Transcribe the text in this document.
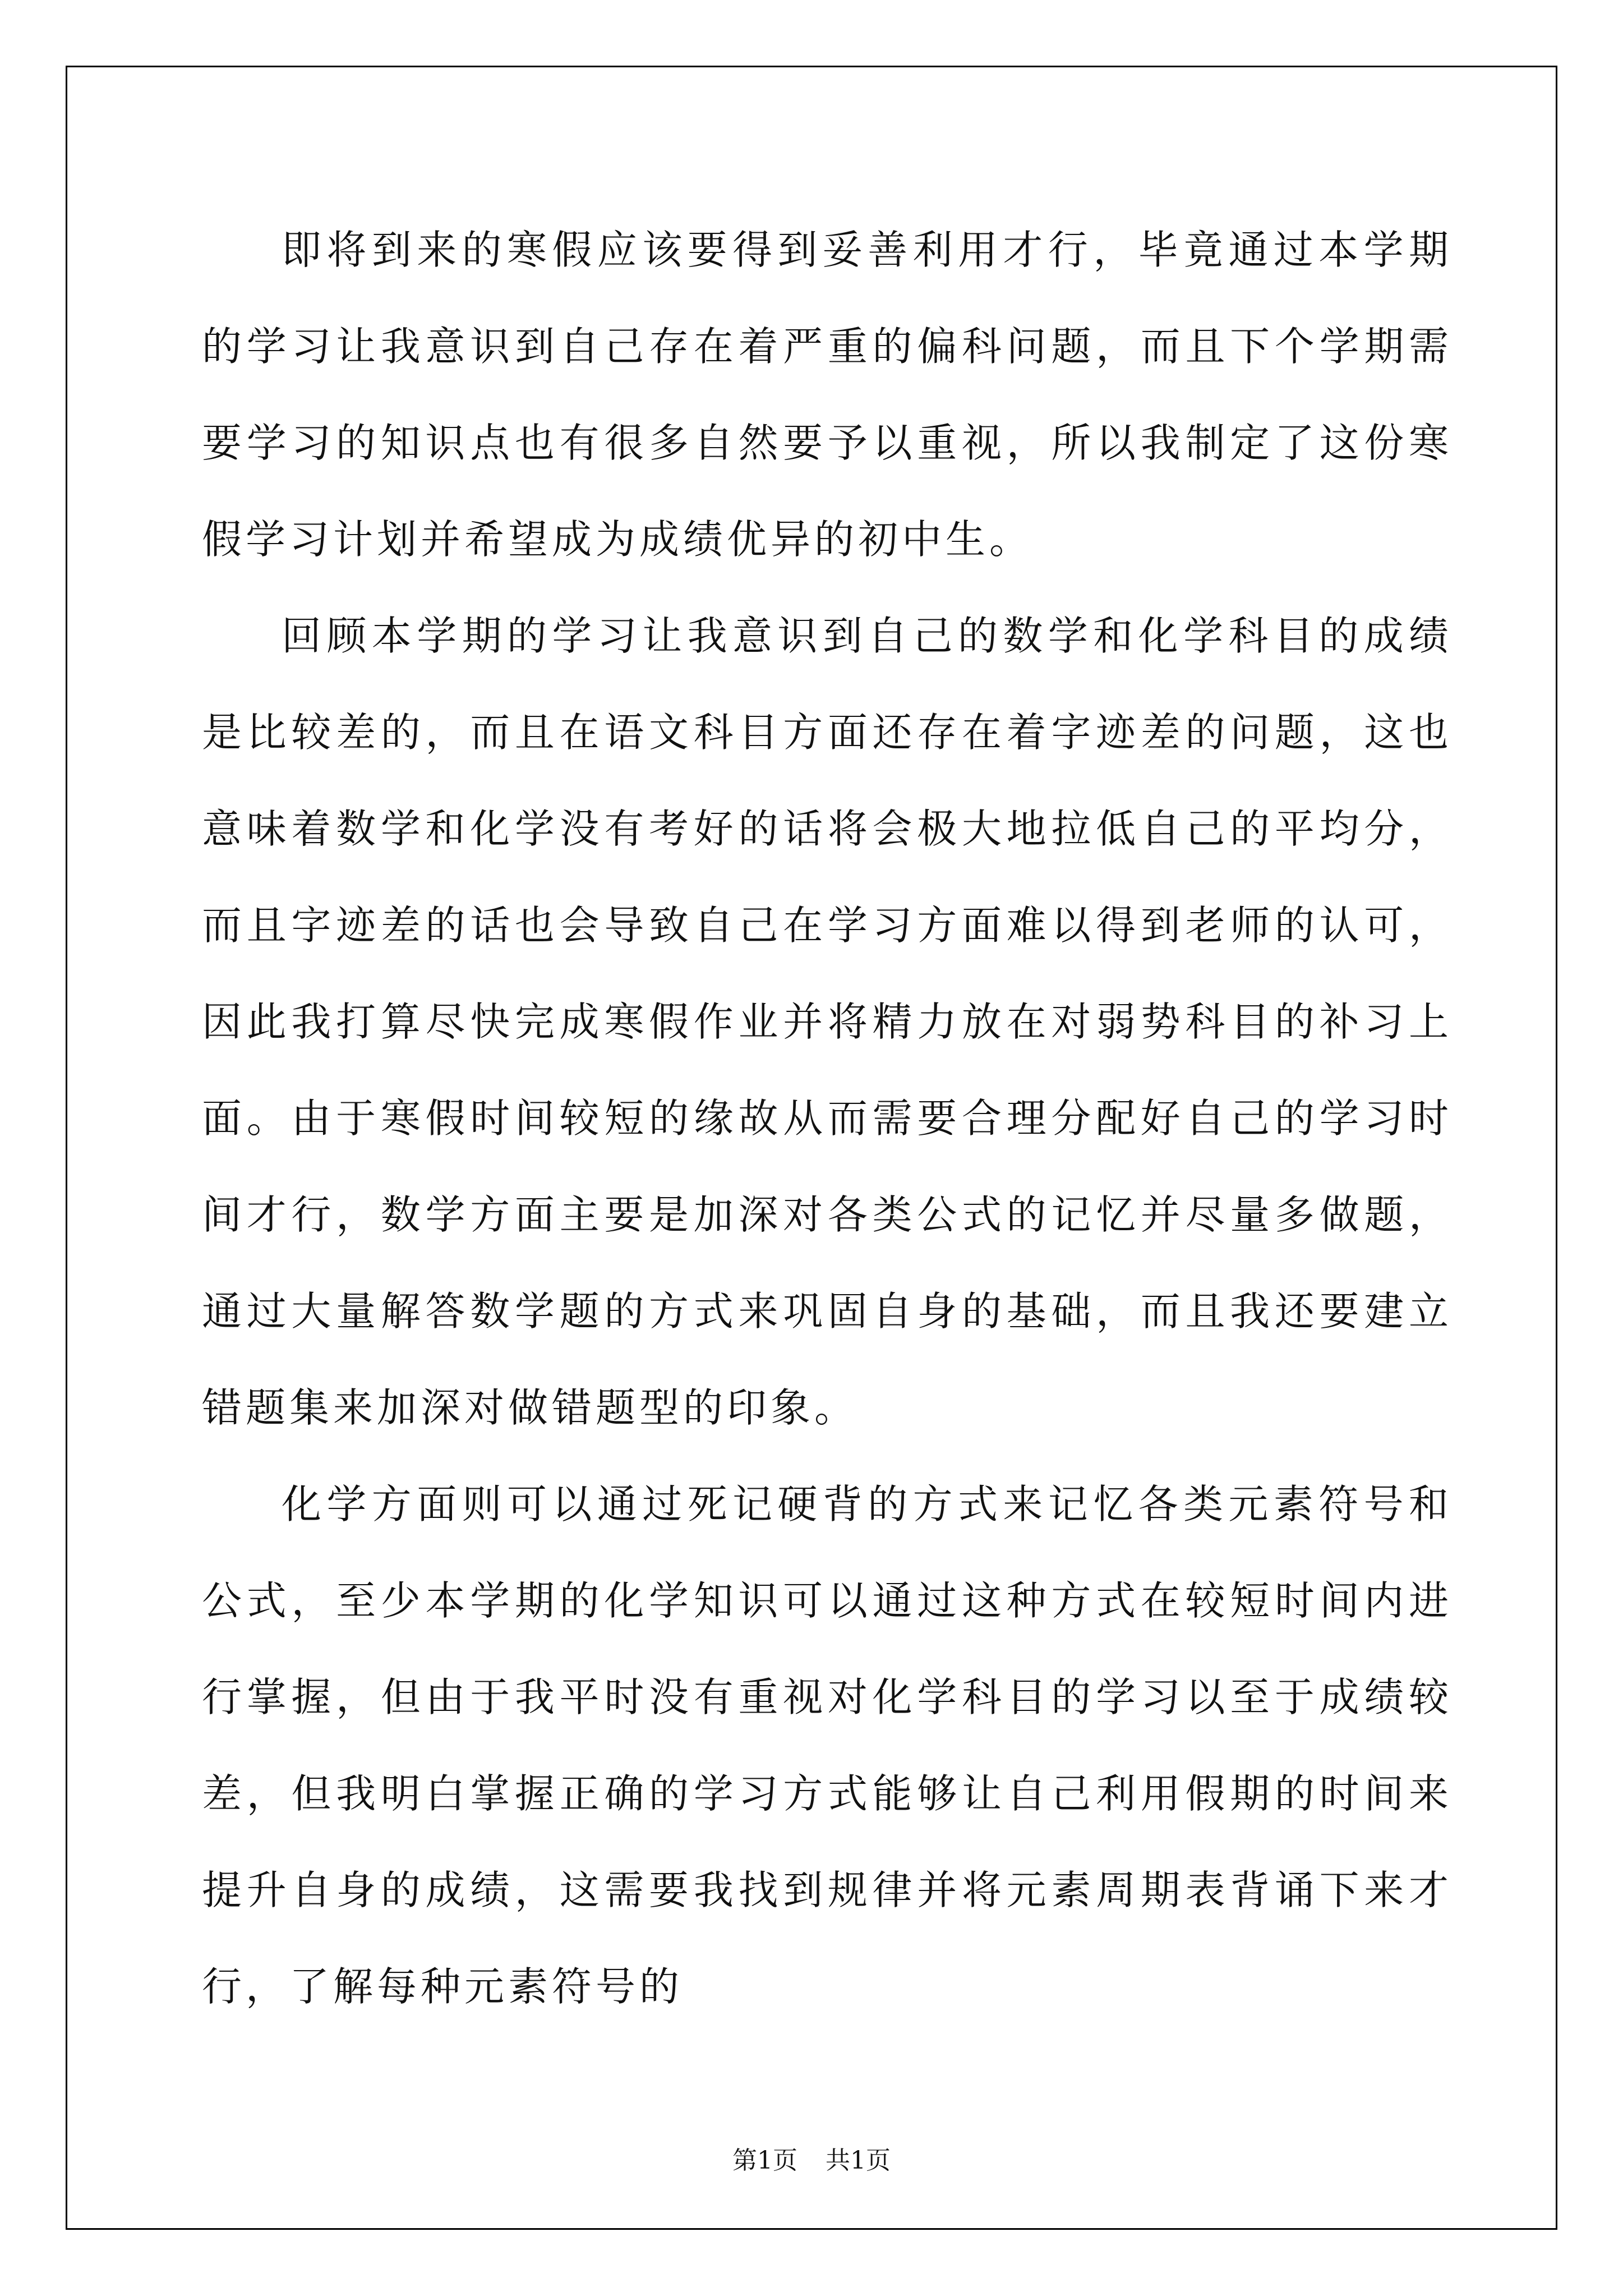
即将到来的寒假应该要得到妥善利用才行，毕竟通过本学期的学习让我意识到自己存在着严重的偏科问题，而且下个学期需要学习的知识点也有很多自然要予以重视，所以我制定了这份寒假学习计划并希望成为成绩优异的初中生。

回顾本学期的学习让我意识到自己的数学和化学科目的成绩是比较差的，而且在语文科目方面还存在着字迹差的问题，这也意味着数学和化学没有考好的话将会极大地拉低自己的平均分，而且字迹差的话也会导致自己在学习方面难以得到老师的认可，因此我打算尽快完成寒假作业并将精力放在对弱势科目的补习上面。由于寒假时间较短的缘故从而需要合理分配好自己的学习时间才行，数学方面主要是加深对各类公式的记忆并尽量多做题，通过大量解答数学题的方式来巩固自身的基础，而且我还要建立错题集来加深对做错题型的印象。

化学方面则可以通过死记硬背的方式来记忆各类元素符号和公式，至少本学期的化学知识可以通过这种方式在较短时间内进行掌握，但由于我平时没有重视对化学科目的学习以至于成绩较差，但我明白掌握正确的学习方式能够让自己利用假期的时间来提升自身的成绩，这需要我找到规律并将元素周期表背诵下来才行，了解每种元素符号的

第1页 共1页
